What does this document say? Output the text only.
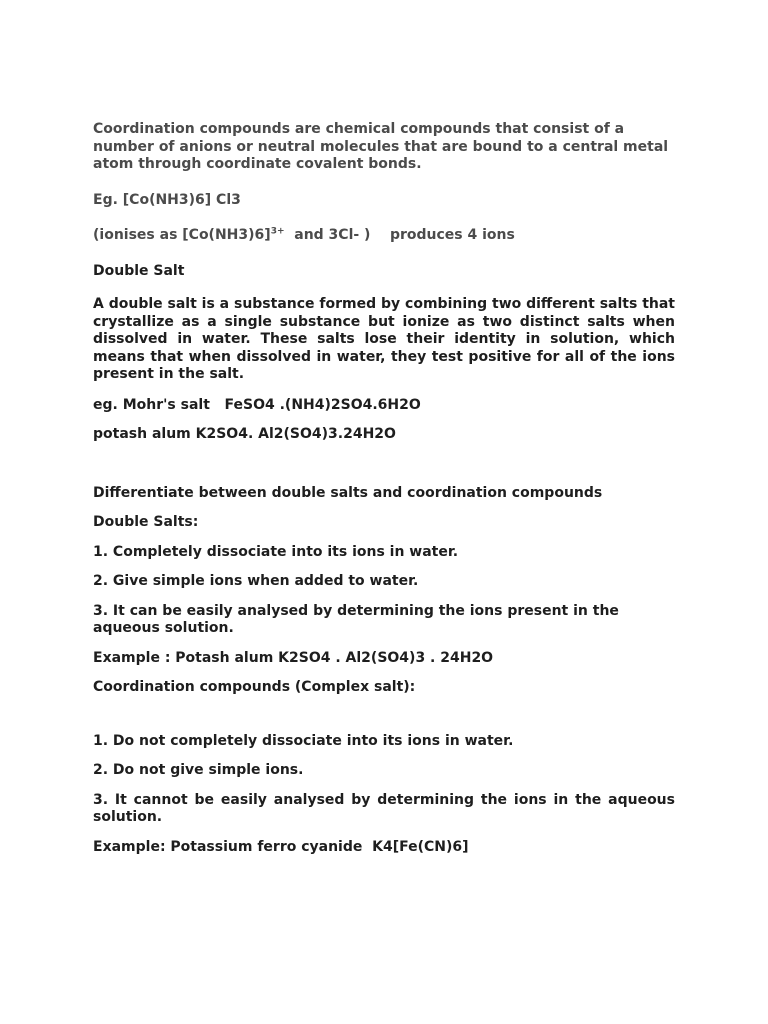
Coordination compounds are chemical compounds that consist of a number of anions or neutral molecules that are bound to a central metal atom through coordinate covalent bonds.

Eg. [Co(NH3)6] Cl3

(ionises as $[Co(NH3)6]^{3+}$  and 3Cl- )    produces 4 ions

Double Salt

A double salt is a substance formed by combining two different salts that crystallize as a single substance but ionize as two distinct salts when dissolved in water. These salts lose their identity in solution, which means that when dissolved in water, they test positive for all of the ions present in the salt.

eg. Mohr's salt   FeSO4 .(NH4)2SO4.6H2O

potash alum K2SO4. Al2(SO4)3.24H2O

Differentiate between double salts and coordination compounds

Double Salts:

1. Completely dissociate into its ions in water.

2. Give simple ions when added to water.

3. It can be easily analysed by determining the ions present in the aqueous solution.

Example : Potash alum K2SO4 . Al2(SO4)3 . 24H2O

Coordination compounds (Complex salt):

1. Do not completely dissociate into its ions in water.

2. Do not give simple ions.

3. It cannot be easily analysed by determining the ions in the aqueous solution.

Example: Potassium ferro cyanide  K4[Fe(CN)6]
